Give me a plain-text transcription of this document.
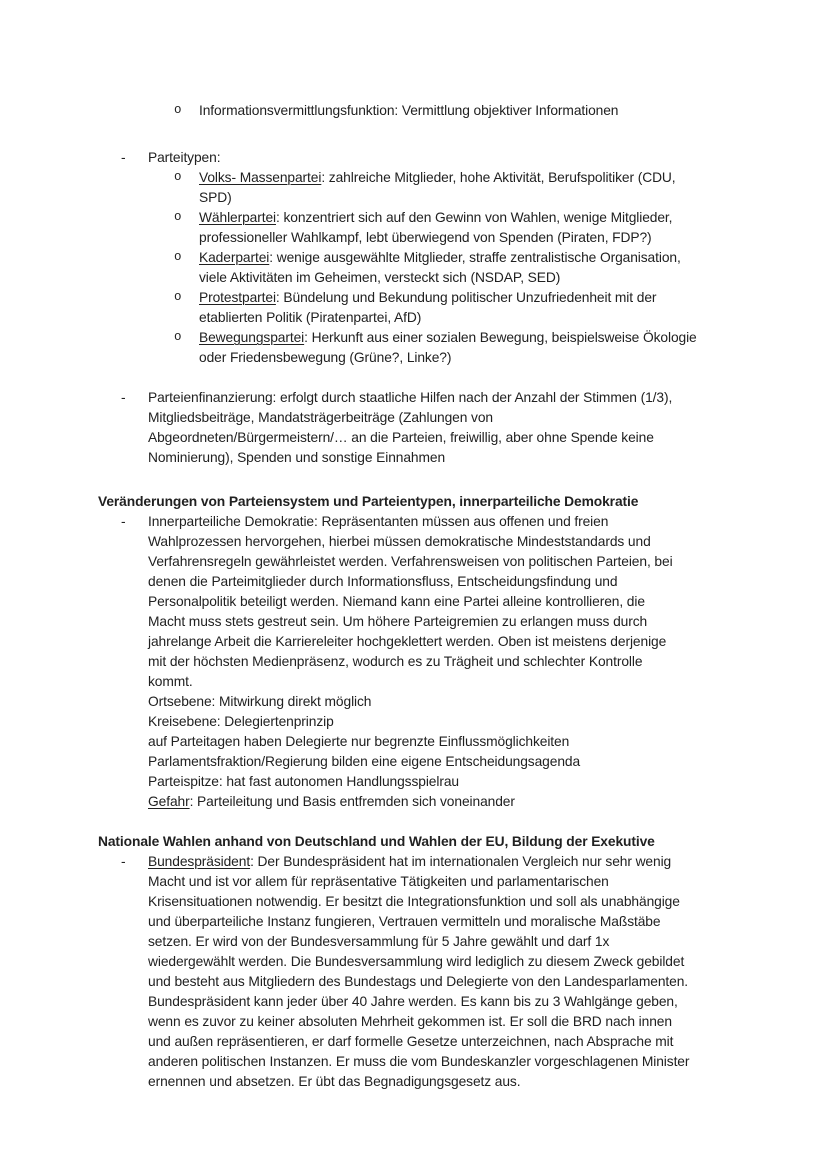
o Informationsvermittlungsfunktion: Vermittlung objektiver Informationen
- Parteitypen:
o Volks- Massenpartei: zahlreiche Mitglieder, hohe Aktivität, Berufspolitiker (CDU,
SPD)
o Wählerpartei: konzentriert sich auf den Gewinn von Wahlen, wenige Mitglieder,
professioneller Wahlkampf, lebt überwiegend von Spenden (Piraten, FDP?)
o Kaderpartei: wenige ausgewählte Mitglieder, straffe zentralistische Organisation,
viele Aktivitäten im Geheimen, versteckt sich (NSDAP, SED)
o Protestpartei: Bündelung und Bekundung politischer Unzufriedenheit mit der
etablierten Politik (Piratenpartei, AfD)
o Bewegungspartei: Herkunft aus einer sozialen Bewegung, beispielsweise Ökologie
oder Friedensbewegung (Grüne?, Linke?)
- Parteienfinanzierung: erfolgt durch staatliche Hilfen nach der Anzahl der Stimmen (1/3),
Mitgliedsbeiträge, Mandatsträgerbeiträge (Zahlungen von
Abgeordneten/Bürgermeistern/… an die Parteien, freiwillig, aber ohne Spende keine
Nominierung), Spenden und sonstige Einnahmen
Veränderungen von Parteiensystem und Parteientypen, innerparteiliche Demokratie
- Innerparteiliche Demokratie: Repräsentanten müssen aus offenen und freien
Wahlprozessen hervorgehen, hierbei müssen demokratische Mindeststandards und
Verfahrensregeln gewährleistet werden. Verfahrensweisen von politischen Parteien, bei
denen die Parteimitglieder durch Informationsfluss, Entscheidungsfindung und
Personalpolitik beteiligt werden. Niemand kann eine Partei alleine kontrollieren, die
Macht muss stets gestreut sein. Um höhere Parteigremien zu erlangen muss durch
jahrelange Arbeit die Karriereleiter hochgeklettert werden. Oben ist meistens derjenige
mit der höchsten Medienpräsenz, wodurch es zu Trägheit und schlechter Kontrolle
kommt.
Ortsebene: Mitwirkung direkt möglich
Kreisebene: Delegiertenprinzip
auf Parteitagen haben Delegierte nur begrenzte Einflussmöglichkeiten
Parlamentsfraktion/Regierung bilden eine eigene Entscheidungsagenda
Parteispitze: hat fast autonomen Handlungsspielrau
Gefahr: Parteileitung und Basis entfremden sich voneinander
Nationale Wahlen anhand von Deutschland und Wahlen der EU, Bildung der Exekutive
- Bundespräsident: Der Bundespräsident hat im internationalen Vergleich nur sehr wenig
Macht und ist vor allem für repräsentative Tätigkeiten und parlamentarischen
Krisensituationen notwendig. Er besitzt die Integrationsfunktion und soll als unabhängige
und überparteiliche Instanz fungieren, Vertrauen vermitteln und moralische Maßstäbe
setzen. Er wird von der Bundesversammlung für 5 Jahre gewählt und darf 1x
wiedergewählt werden. Die Bundesversammlung wird lediglich zu diesem Zweck gebildet
und besteht aus Mitgliedern des Bundestags und Delegierte von den Landesparlamenten.
Bundespräsident kann jeder über 40 Jahre werden. Es kann bis zu 3 Wahlgänge geben,
wenn es zuvor zu keiner absoluten Mehrheit gekommen ist. Er soll die BRD nach innen
und außen repräsentieren, er darf formelle Gesetze unterzeichnen, nach Absprache mit
anderen politischen Instanzen. Er muss die vom Bundeskanzler vorgeschlagenen Minister
ernennen und absetzen. Er übt das Begnadigungsgesetz aus.
